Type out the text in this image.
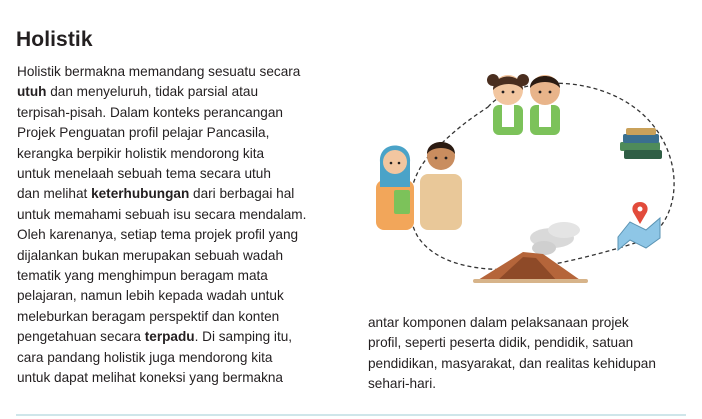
Holistik
Holistik bermakna memandang sesuatu secara
utuh dan menyeluruh, tidak parsial atau
terpisah-pisah. Dalam konteks perancangan
Projek Penguatan profil pelajar Pancasila,
kerangka berpikir holistik mendorong kita
untuk menelaah sebuah tema secara utuh
dan melihat keterhubungan dari berbagai hal
untuk memahami sebuah isu secara mendalam.
Oleh karenanya, setiap tema projek profil yang
dijalankan bukan merupakan sebuah wadah
tematik yang menghimpun beragam mata
pelajaran, namun lebih kepada wadah untuk
meleburkan beragam perspektif dan konten
pengetahuan secara terpadu. Di samping itu,
cara pandang holistik juga mendorong kita
untuk dapat melihat koneksi yang bermakna
antar komponen dalam pelaksanaan projek
profil, seperti peserta didik, pendidik, satuan
pendidikan, masyarakat, dan realitas kehidupan
sehari-hari.
